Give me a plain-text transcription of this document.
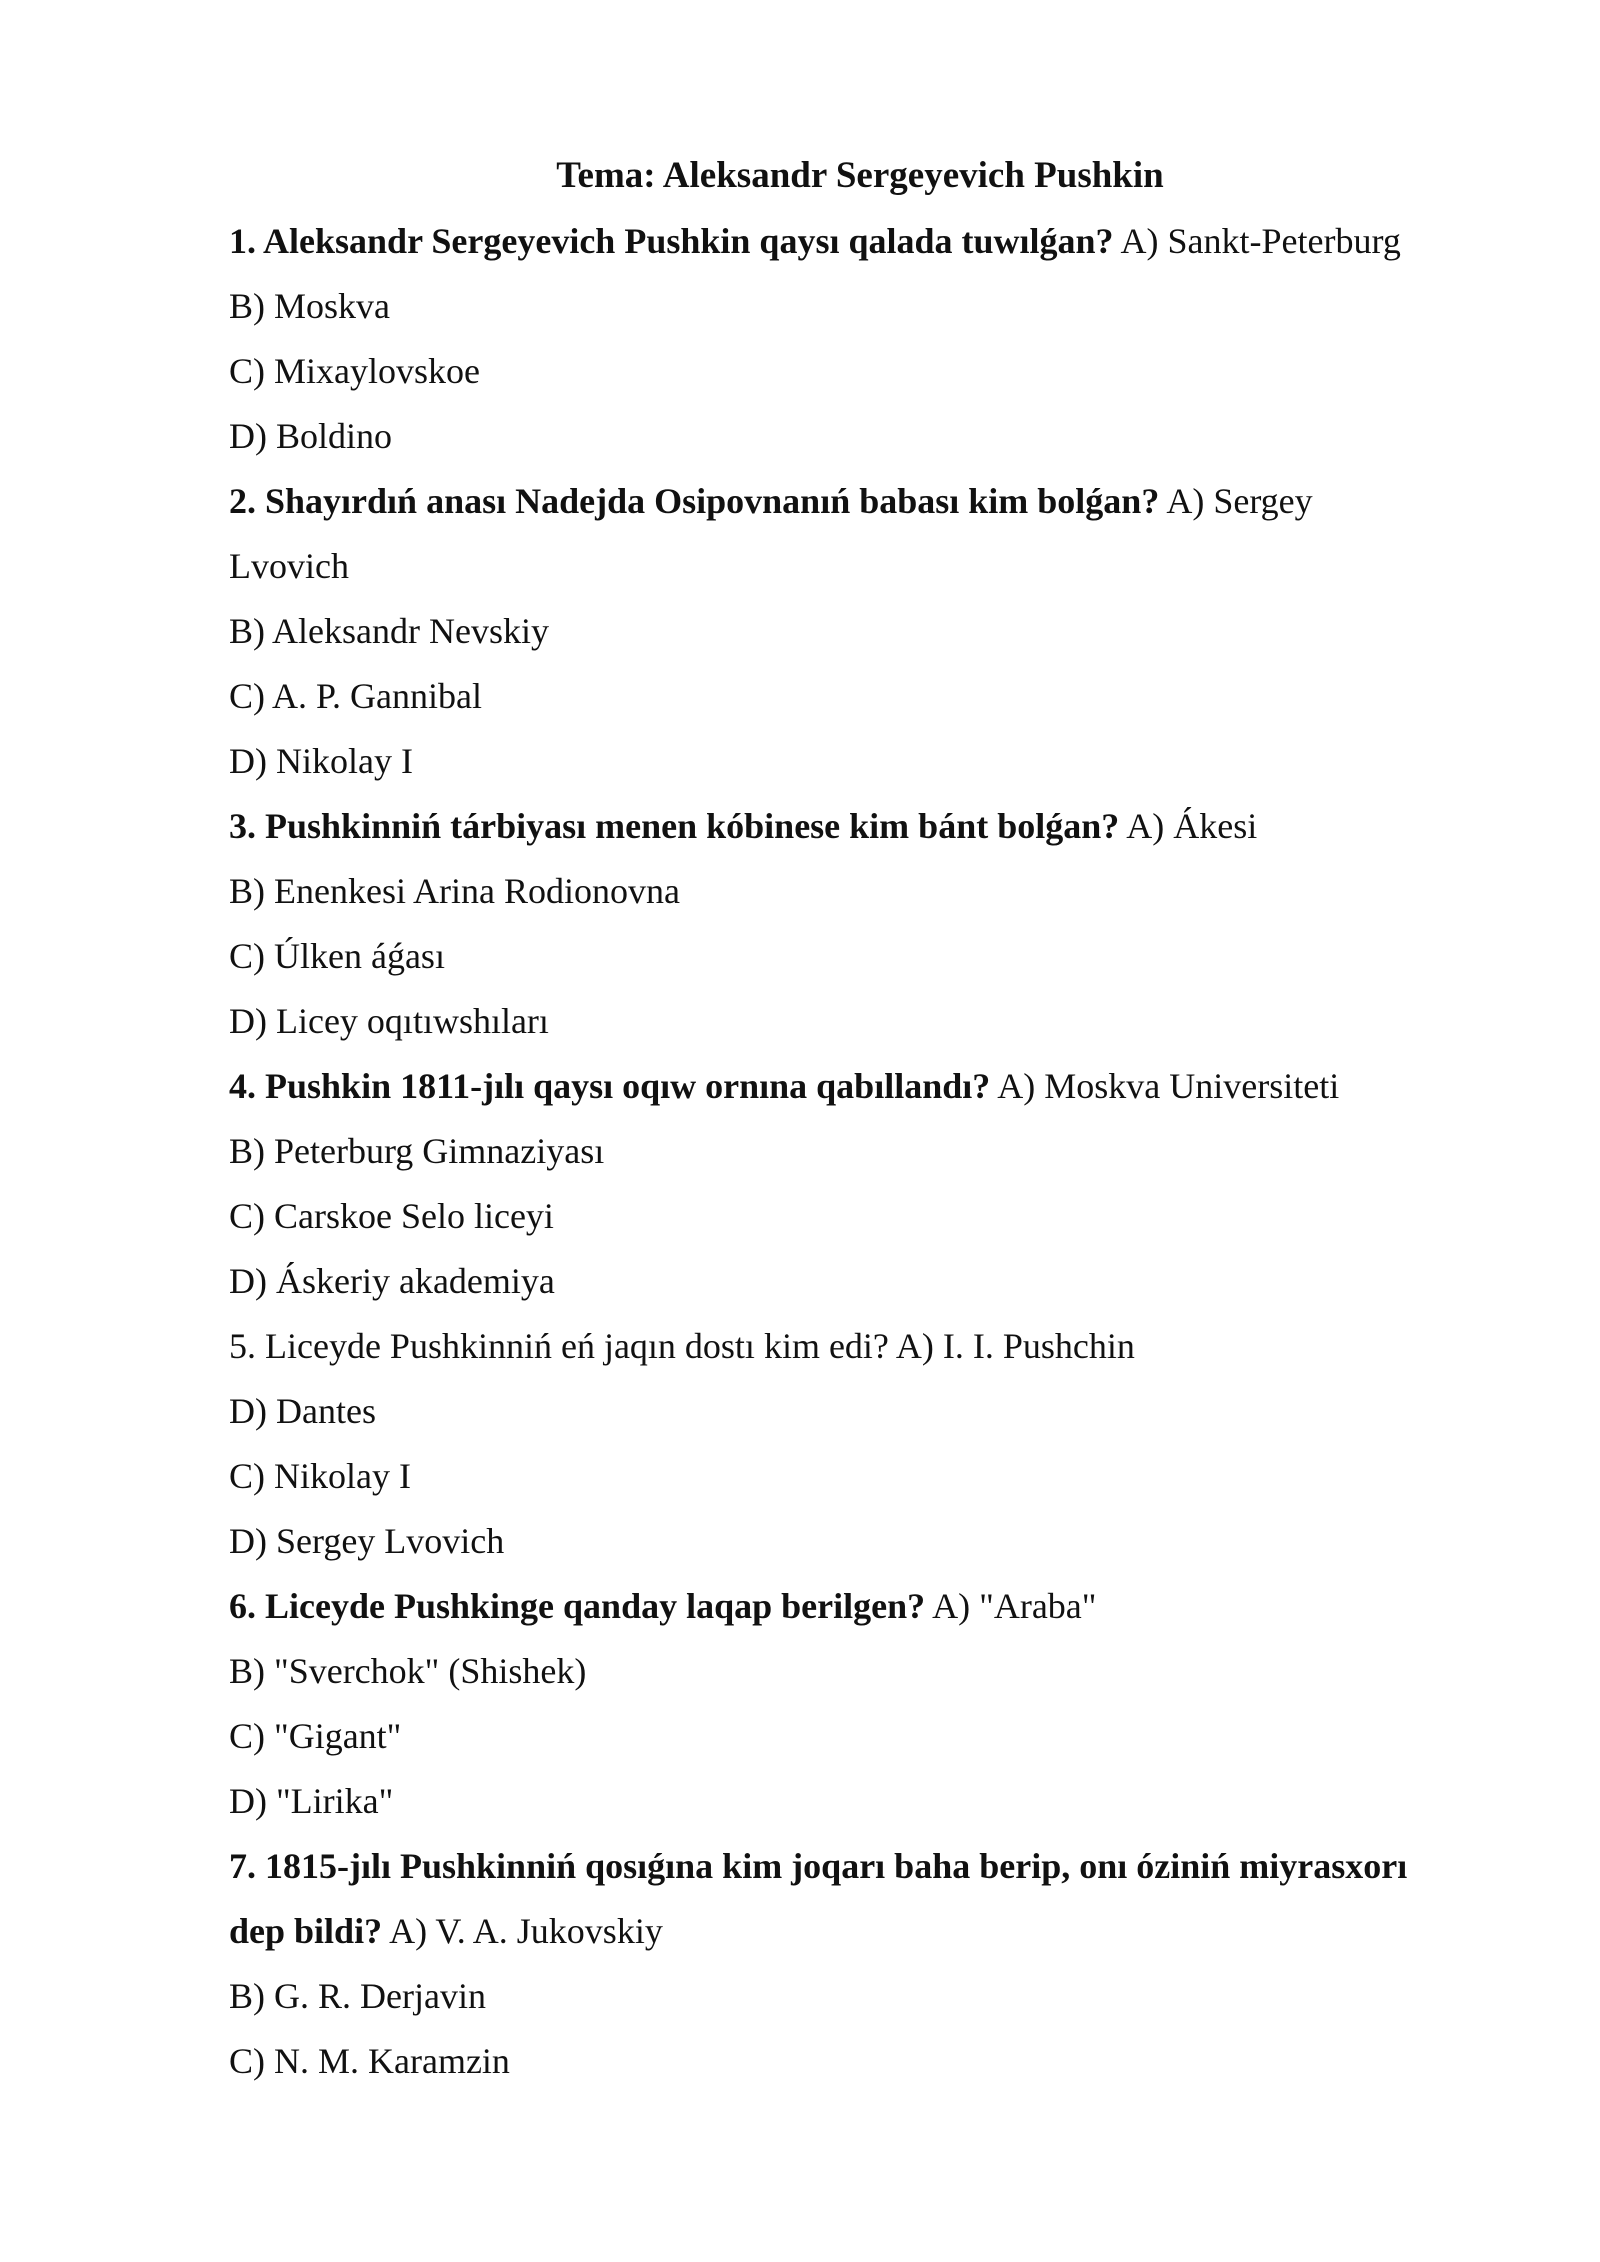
Tema: Aleksandr Sergeyevich Pushkin
1. Aleksandr Sergeyevich Pushkin qaysı qalada tuwılǵan? A) Sankt-Peterburg
B) Moskva
C) Mixaylovskoe
D) Boldino
2. Shayırdıń anası Nadejda Osipovnanıń babası kim bolǵan? A) Sergey
Lvovich
B) Aleksandr Nevskiy
C) A. P. Gannibal
D) Nikolay I
3. Pushkinniń tárbiyası menen kóbinese kim bánt bolǵan? A) Ákesi
B) Enenkesi Arina Rodionovna
C) Úlken áǵası
D) Licey oqıtıwshıları
4. Pushkin 1811-jılı qaysı oqıw ornına qabıllandı? A) Moskva Universiteti
B) Peterburg Gimnaziyası
C) Carskoe Selo liceyi
D) Áskeriy akademiya
5. Liceyde Pushkinniń eń jaqın dostı kim edi? A) I. I. Pushchin
D) Dantes
C) Nikolay I
D) Sergey Lvovich
6. Liceyde Pushkinge qanday laqap berilgen? A) "Araba"
B) "Sverchok" (Shishek)
C) "Gigant"
D) "Lirika"
7. 1815-jılı Pushkinniń qosıǵına kim joqarı baha berip, onı óziniń miyrasxorı
dep bildi? A) V. A. Jukovskiy
B) G. R. Derjavin
C) N. M. Karamzin
